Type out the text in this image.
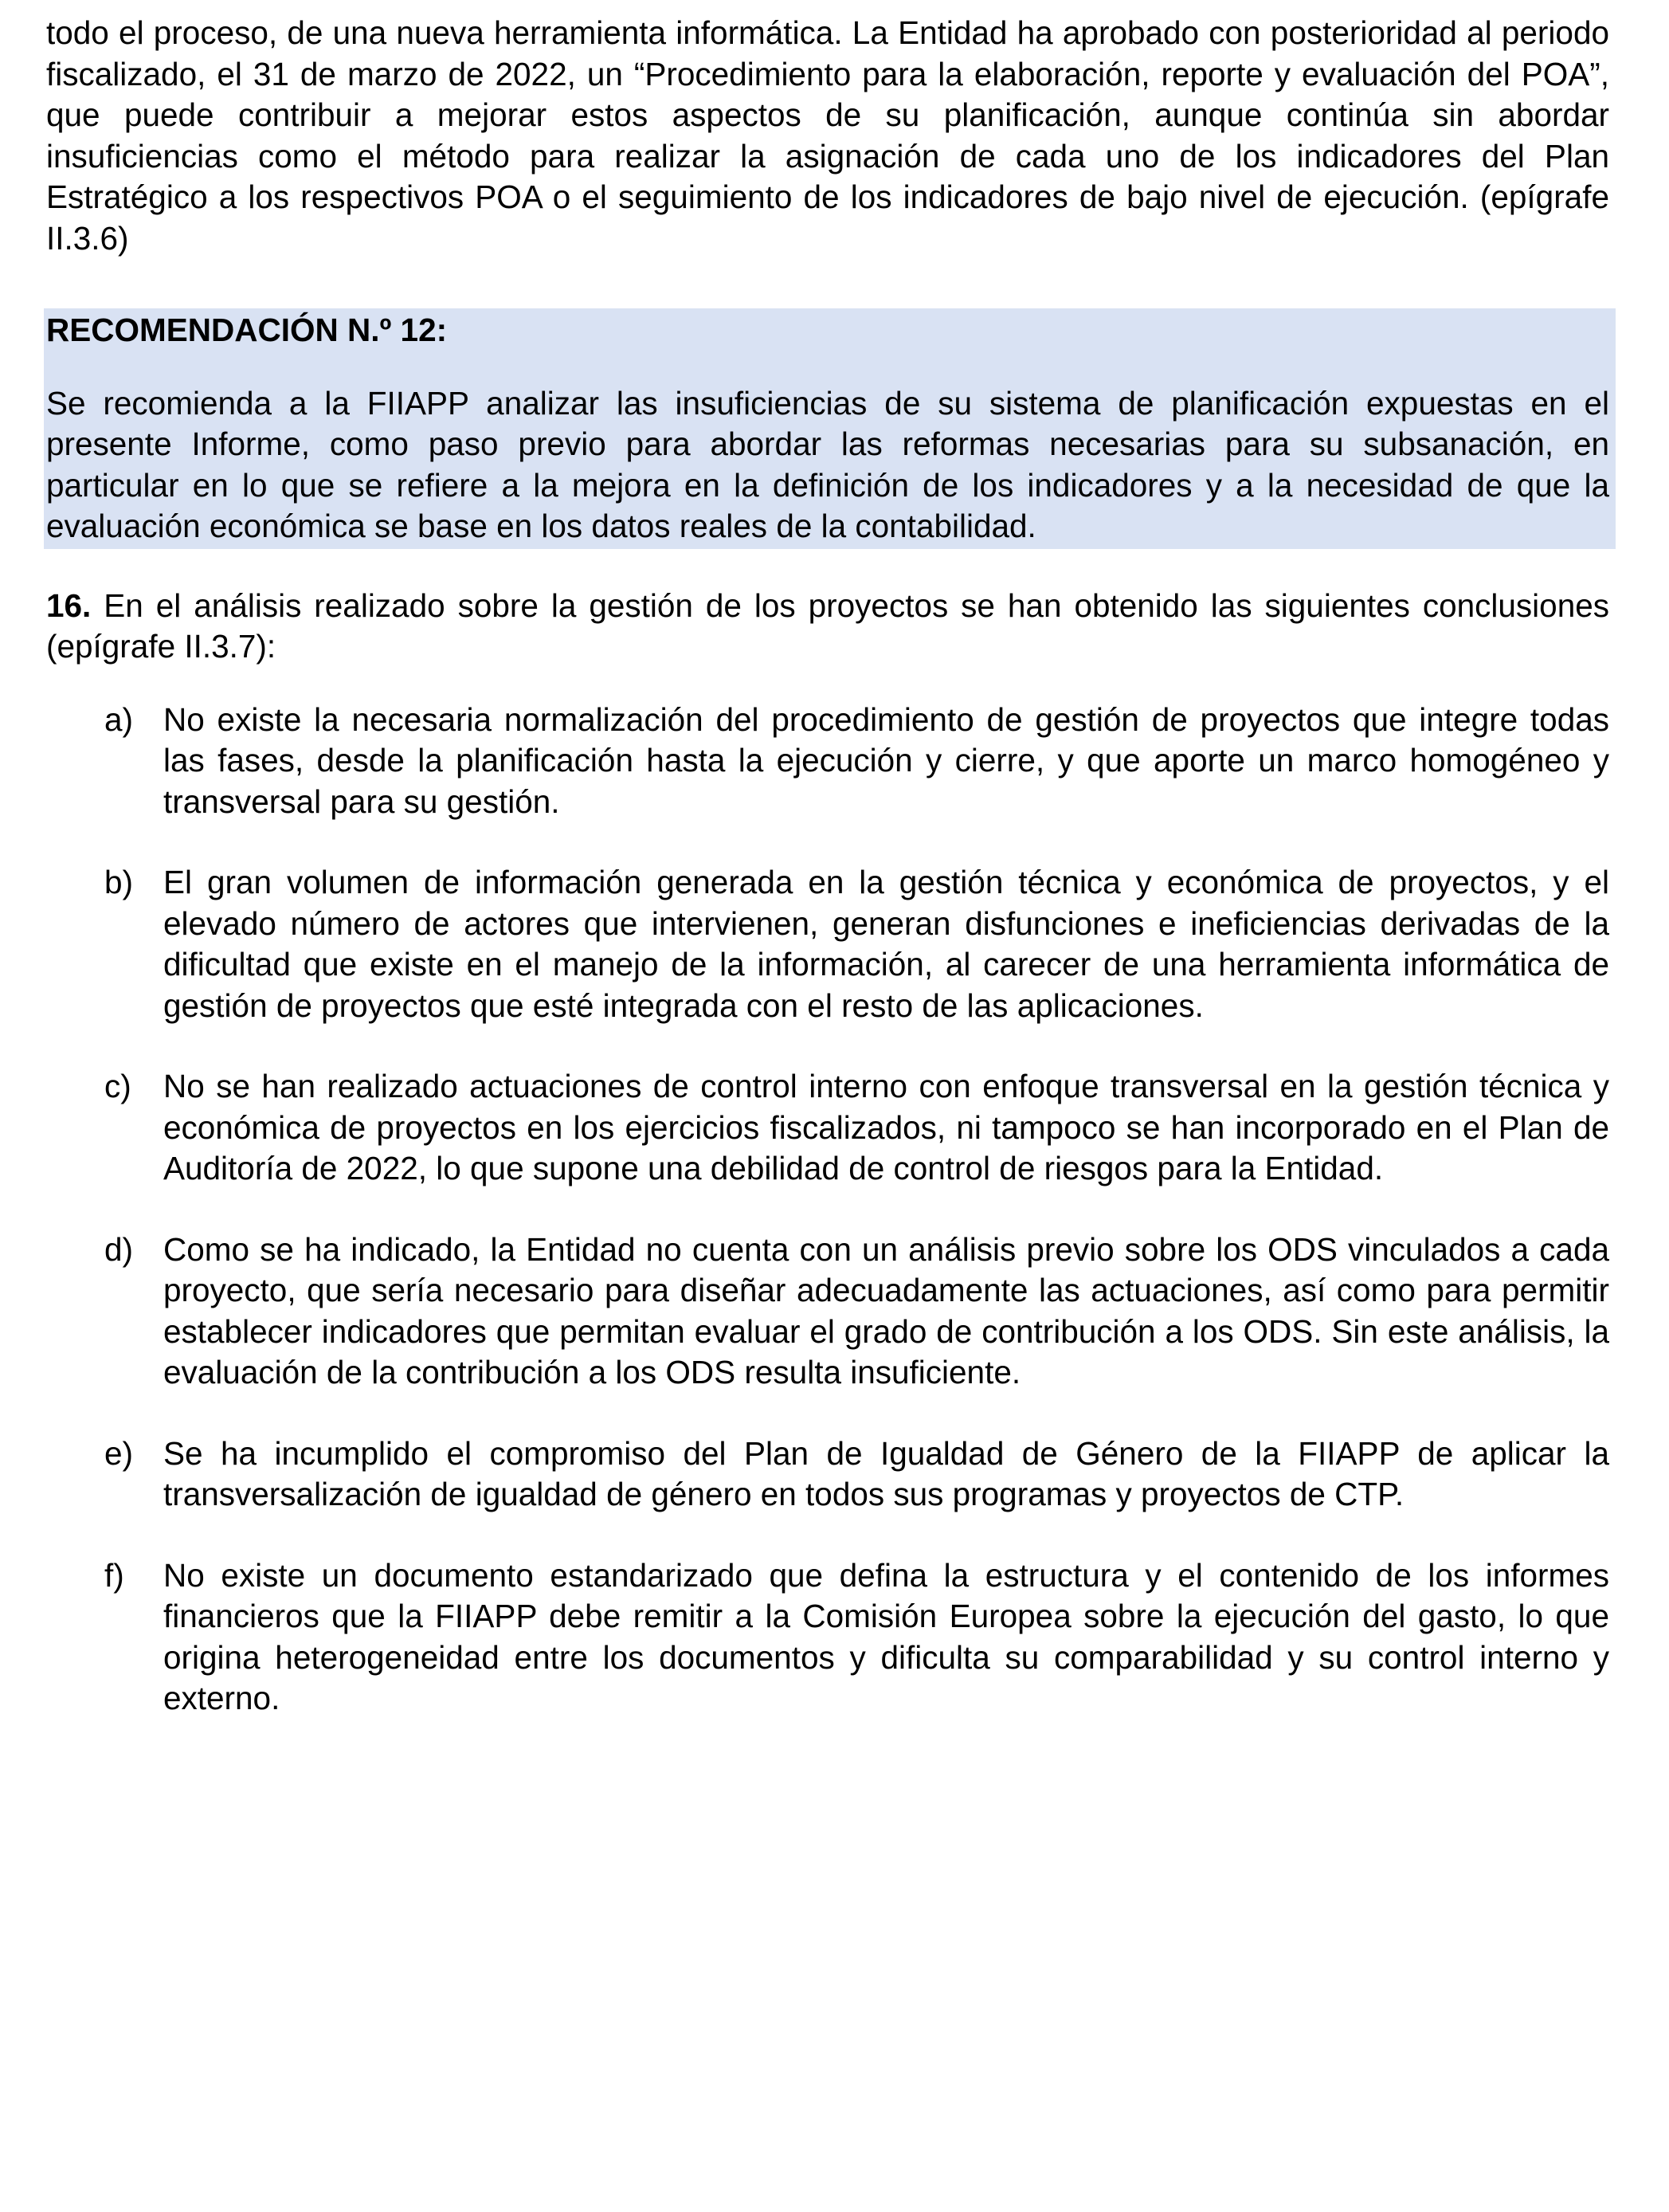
todo el proceso, de una nueva herramienta informática. La Entidad ha aprobado con posterioridad al periodo fiscalizado, el 31 de marzo de 2022, un “Procedimiento para la elaboración, reporte y evaluación del POA”, que puede contribuir a mejorar estos aspectos de su planificación, aunque continúa sin abordar insuficiencias como el método para realizar la asignación de cada uno de los indicadores del Plan Estratégico a los respectivos POA o el seguimiento de los indicadores de bajo nivel de ejecución. (epígrafe II.3.6)

RECOMENDACIÓN N.º 12:

Se recomienda a la FIIAPP analizar las insuficiencias de su sistema de planificación expuestas en el presente Informe, como paso previo para abordar las reformas necesarias para su subsanación, en particular en lo que se refiere a la mejora en la definición de los indicadores y a la necesidad de que la evaluación económica se base en los datos reales de la contabilidad.

16. En el análisis realizado sobre la gestión de los proyectos se han obtenido las siguientes conclusiones (epígrafe II.3.7):

a) No existe la necesaria normalización del procedimiento de gestión de proyectos que integre todas las fases, desde la planificación hasta la ejecución y cierre, y que aporte un marco homogéneo y transversal para su gestión.
b) El gran volumen de información generada en la gestión técnica y económica de proyectos, y el elevado número de actores que intervienen, generan disfunciones e ineficiencias derivadas de la dificultad que existe en el manejo de la información, al carecer de una herramienta informática de gestión de proyectos que esté integrada con el resto de las aplicaciones.
c) No se han realizado actuaciones de control interno con enfoque transversal en la gestión técnica y económica de proyectos en los ejercicios fiscalizados, ni tampoco se han incorporado en el Plan de Auditoría de 2022, lo que supone una debilidad de control de riesgos para la Entidad.
d) Como se ha indicado, la Entidad no cuenta con un análisis previo sobre los ODS vinculados a cada proyecto, que sería necesario para diseñar adecuadamente las actuaciones, así como para permitir establecer indicadores que permitan evaluar el grado de contribución a los ODS. Sin este análisis, la evaluación de la contribución a los ODS resulta insuficiente.
e) Se ha incumplido el compromiso del Plan de Igualdad de Género de la FIIAPP de aplicar la transversalización de igualdad de género en todos sus programas y proyectos de CTP.
f) No existe un documento estandarizado que defina la estructura y el contenido de los informes financieros que la FIIAPP debe remitir a la Comisión Europea sobre la ejecución del gasto, lo que origina heterogeneidad entre los documentos y dificulta su comparabilidad y su control interno y externo.
